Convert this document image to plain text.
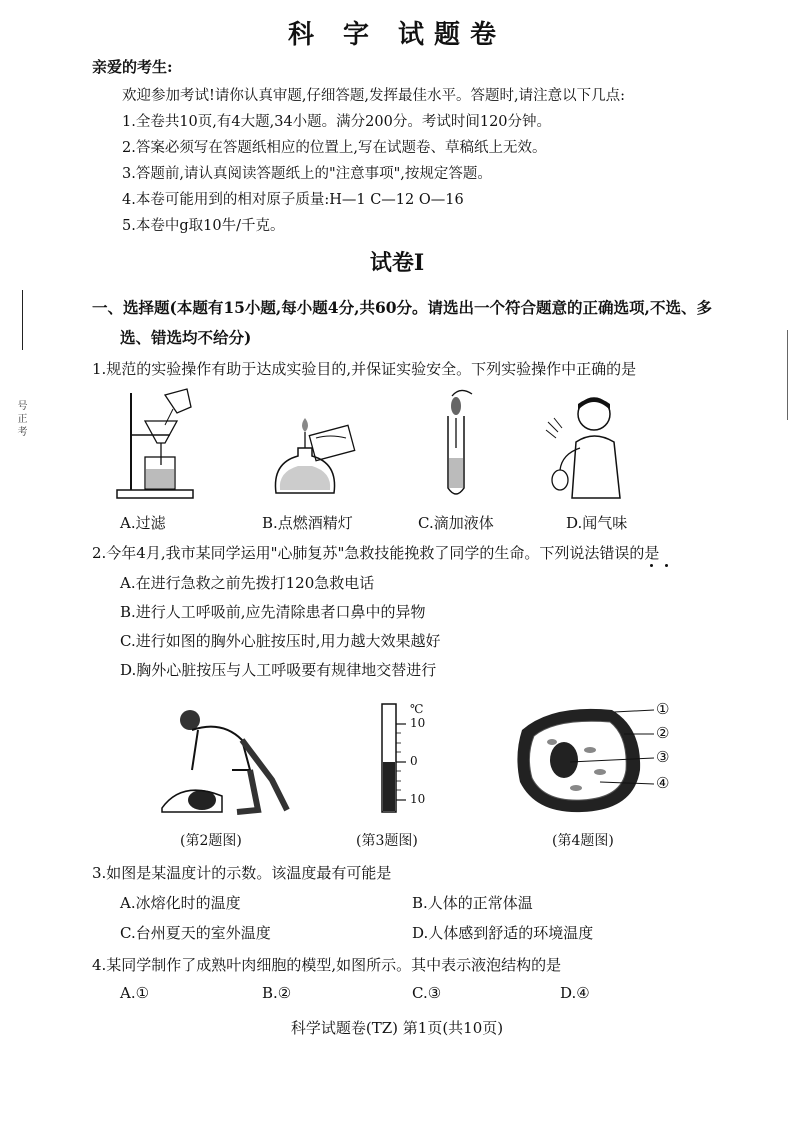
号 正 考
科 字 试题卷
亲爱的考生:
欢迎参加考试!请你认真审题,仔细答题,发挥最佳水平。答题时,请注意以下几点:
1.全卷共10页,有4大题,34小题。满分200分。考试时间120分钟。
2.答案必须写在答题纸相应的位置上,写在试题卷、草稿纸上无效。
3.答题前,请认真阅读答题纸上的"注意事项",按规定答题。
4.本卷可能用到的相对原子质量:H—1 C—12 O—16
5.本卷中g取10牛/千克。
试卷Ⅰ
一、选择题(本题有15小题,每小题4分,共60分。请选出一个符合题意的正确选项,不选、多
选、错选均不给分)
1.规范的实验操作有助于达成实验目的,并保证实验安全。下列实验操作中正确的是
A.过滤	B.点燃酒精灯	C.滴加液体	D.闻气味
2.今年4月,我市某同学运用"心肺复苏"急救技能挽救了同学的生命。下列说法错误的是
A.在进行急救之前先拨打120急救电话
B.进行人工呼吸前,应先清除患者口鼻中的异物
C.进行如图的胸外心脏按压时,用力越大效果越好
D.胸外心脏按压与人工呼吸要有规律地交替进行
℃
10
0
10
①
②
③
④
(第2题图)	(第3题图)	(第4题图)
3.如图是某温度计的示数。该温度最有可能是
A.冰熔化时的温度	B.人体的正常体温
C.台州夏天的室外温度	D.人体感到舒适的环境温度
4.某同学制作了成熟叶肉细胞的模型,如图所示。其中表示液泡结构的是
A.①	B.②	C.③	D.④
科学试题卷(TZ) 第1页(共10页)
